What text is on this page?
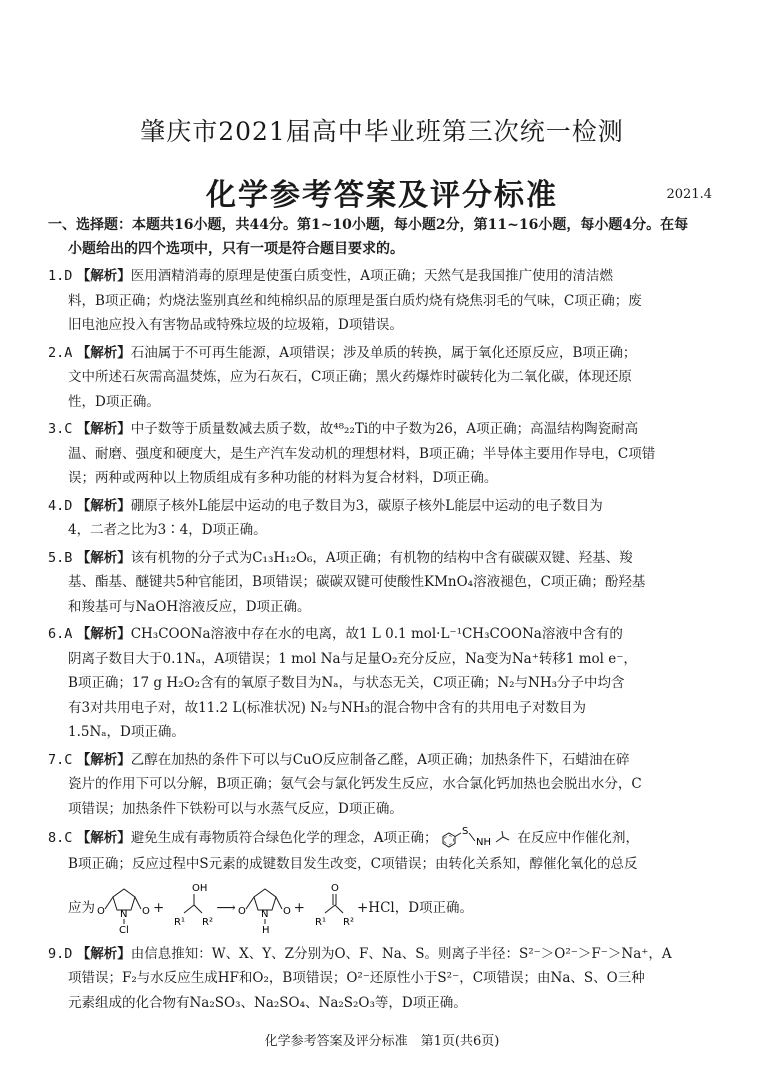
肇庆市2021届高中毕业班第三次统一检测
化学参考答案及评分标准	2021.4
一、选择题：本题共16小题，共44分。第1~10小题，每小题2分，第11~16小题，每小题4分。在每
小题给出的四个选项中，只有一项是符合题目要求的。
1.D 【解析】医用酒精消毒的原理是使蛋白质变性，A项正确；天然气是我国推广使用的清洁燃
料，B项正确；灼烧法鉴别真丝和纯棉织品的原理是蛋白质灼烧有烧焦羽毛的气味，C项正确；废
旧电池应投入有害物品或特殊垃圾的垃圾箱，D项错误。
2.A 【解析】石油属于不可再生能源，A项错误；涉及单质的转换，属于氧化还原反应，B项正确；
文中所述石灰需高温焚炼，应为石灰石，C项正确；黑火药爆炸时碳转化为二氧化碳，体现还原
性，D项正确。
3.C 【解析】中子数等于质量数减去质子数，故⁴⁸₂₂Ti的中子数为26，A项正确；高温结构陶瓷耐高
温、耐磨、强度和硬度大，是生产汽车发动机的理想材料，B项正确；半导体主要用作导电，C项错
误；两种或两种以上物质组成有多种功能的材料为复合材料，D项正确。
4.D 【解析】硼原子核外L能层中运动的电子数目为3，碳原子核外L能层中运动的电子数目为
4，二者之比为3∶4，D项正确。
5.B 【解析】该有机物的分子式为C₁₃H₁₂O₆，A项正确；有机物的结构中含有碳碳双键、羟基、羧
基、酯基、醚键共5种官能团，B项错误；碳碳双键可使酸性KMnO₄溶液褪色，C项正确；酚羟基
和羧基可与NaOH溶液反应，D项正确。
6.A 【解析】CH₃COONa溶液中存在水的电离，故1 L 0.1 mol·L⁻¹CH₃COONa溶液中含有的
阴离子数目大于0.1Nₐ，A项错误；1 mol Na与足量O₂充分反应，Na变为Na⁺转移1 mol e⁻，
B项正确；17 g H₂O₂含有的氧原子数目为Nₐ，与状态无关，C项正确；N₂与NH₃分子中均含
有3对共用电子对，故11.2 L(标准状况) N₂与NH₃的混合物中含有的共用电子对数目为
1.5Nₐ，D项正确。
7.C 【解析】乙醇在加热的条件下可以与CuO反应制备乙醛，A项正确；加热条件下，石蜡油在碎
瓷片的作用下可以分解，B项正确；氨气会与氯化钙发生反应，水合氯化钙加热也会脱出水分，C
项错误；加热条件下铁粉可以与水蒸气反应，D项正确。
8.C 【解析】避免生成有毒物质符合绿色化学的理念，A项正确；	S
NH 在反应中作催化剂，
B项正确；反应过程中S元素的成键数目发生改变，C项错误；由转化关系知，醇催化氧化的总反
应为 O	O
N
Cl
+
OH
R¹ R²
⟶ O	O
N
H
+
O
R¹ R²
+HCl，D项正确。
9.D 【解析】由信息推知：W、X、Y、Z分别为O、F、Na、S。则离子半径：S²⁻＞O²⁻＞F⁻＞Na⁺，A
项错误；F₂与水反应生成HF和O₂，B项错误；O²⁻还原性小于S²⁻，C项错误；由Na、S、O三种
元素组成的化合物有Na₂SO₃、Na₂SO₄、Na₂S₂O₃等，D项正确。
化学参考答案及评分标准　第1页(共6页)
